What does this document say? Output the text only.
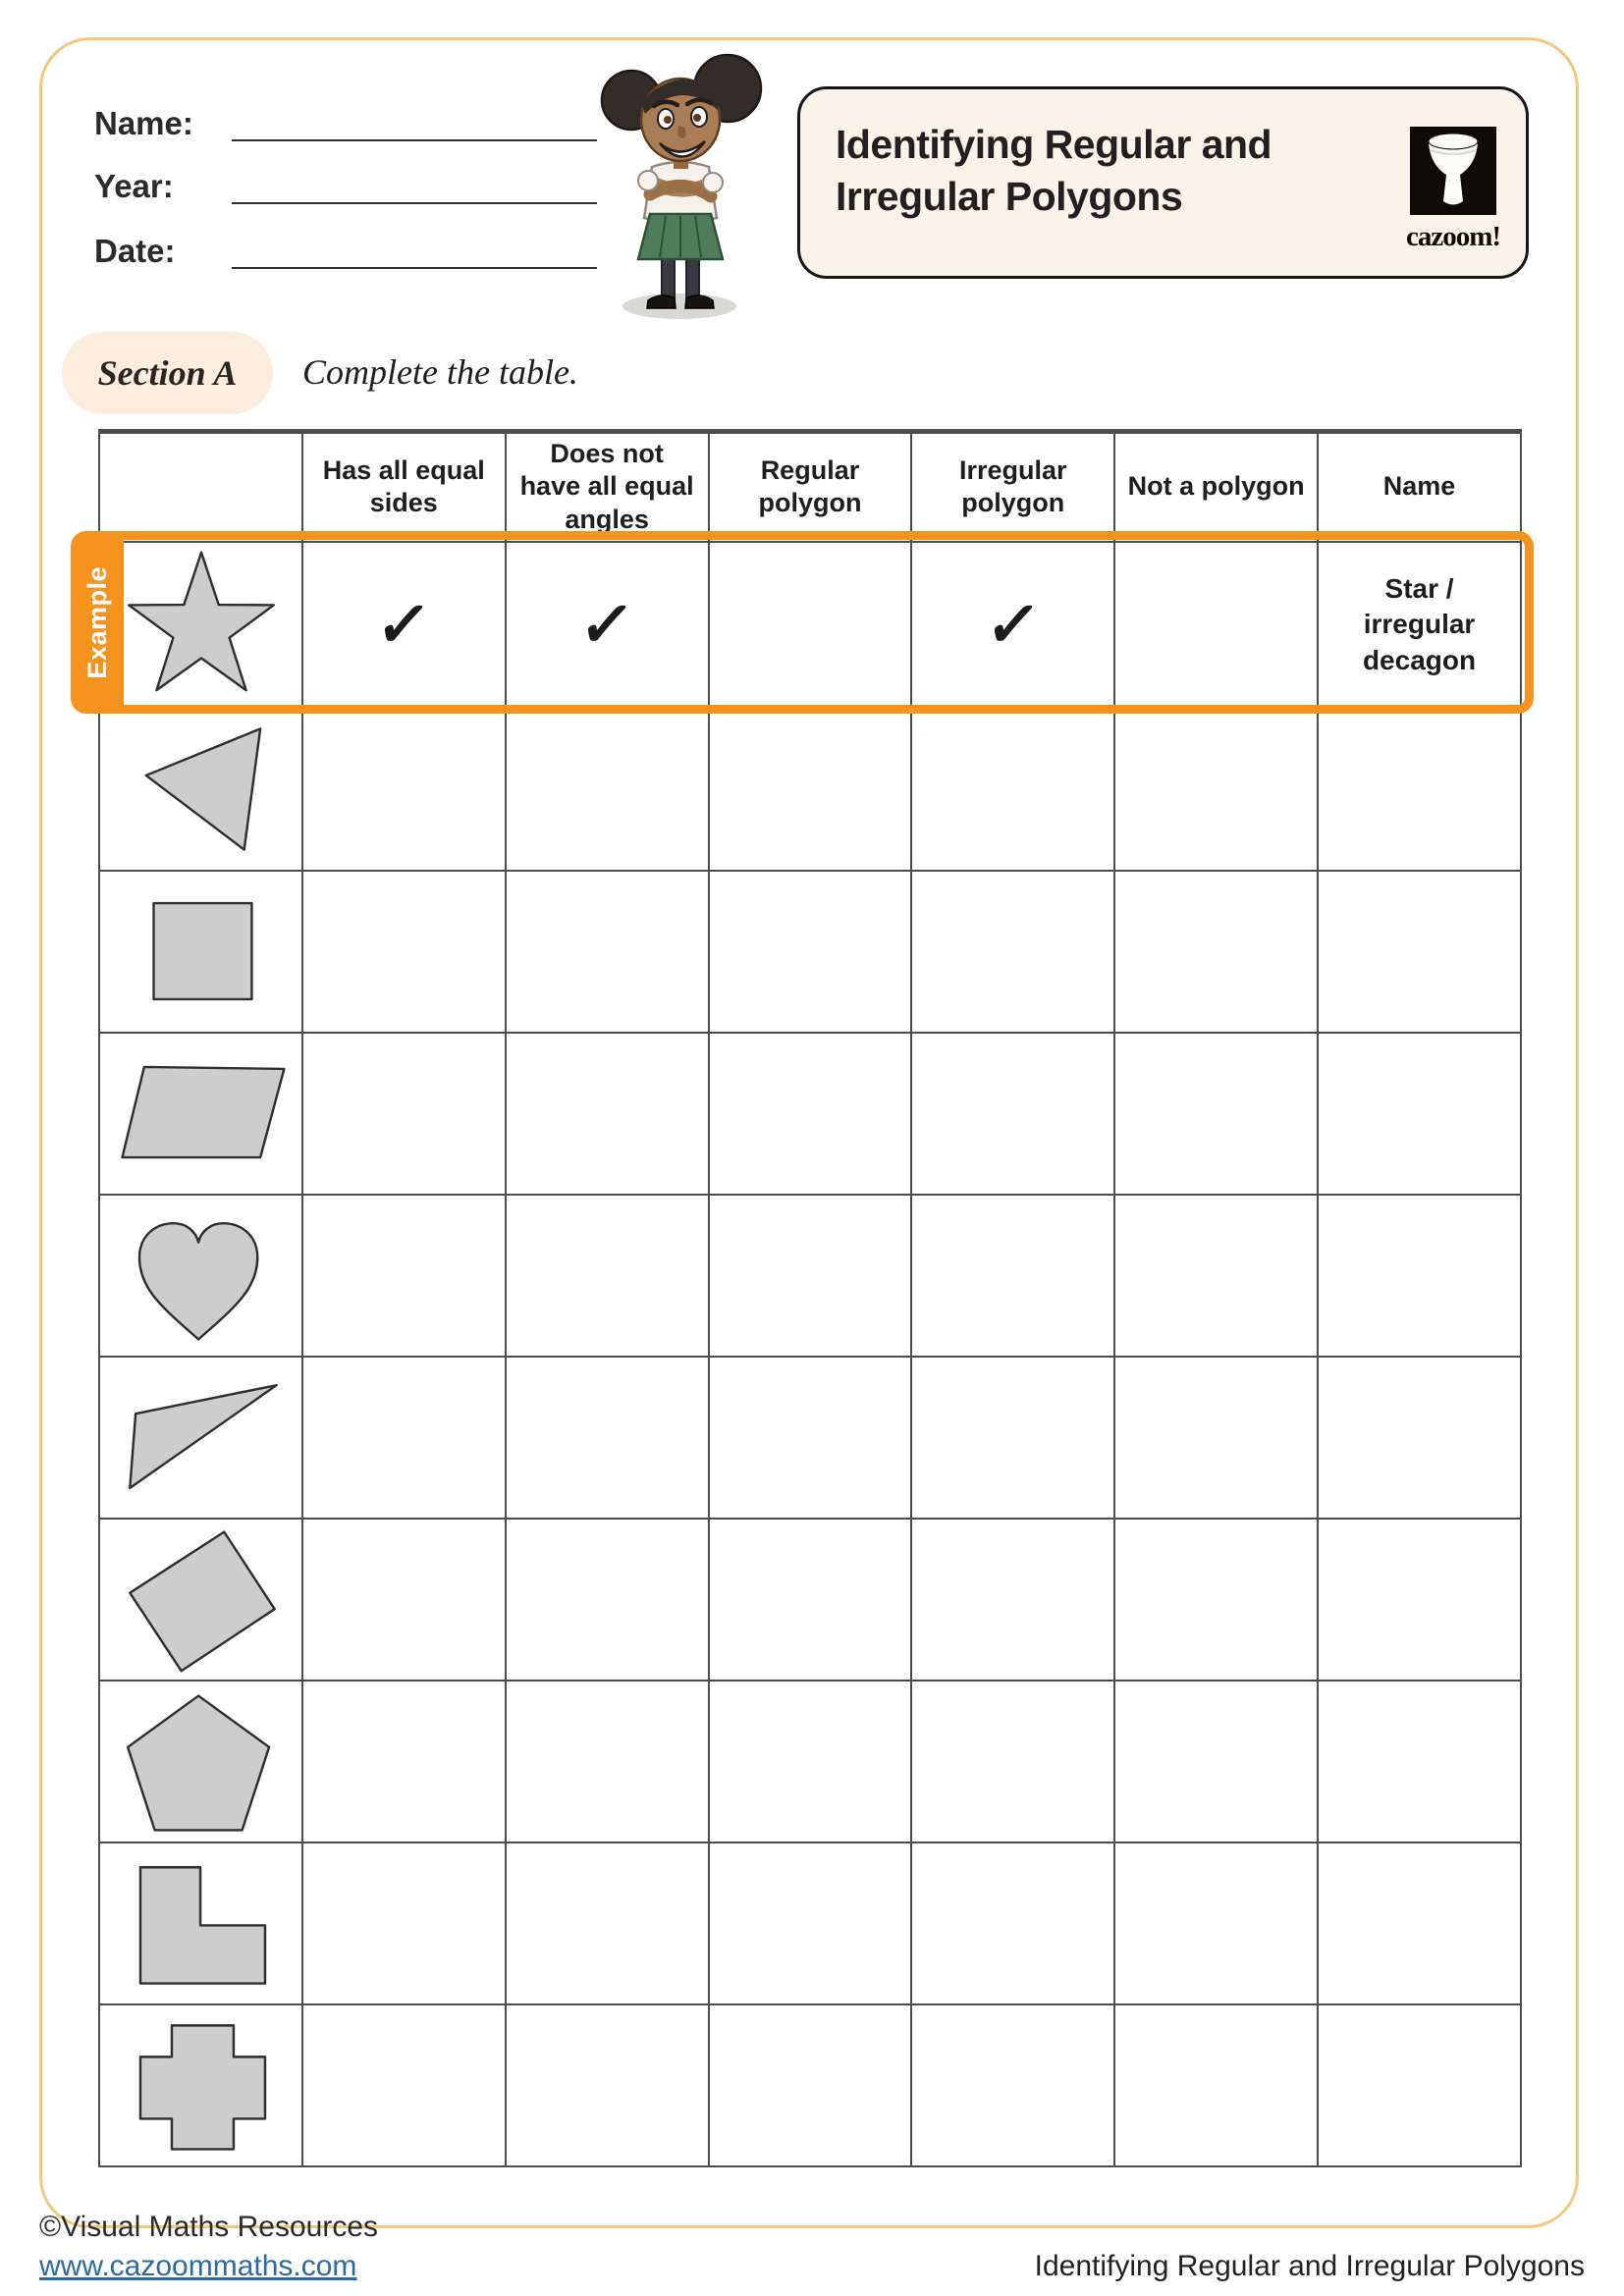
Name:
Year:
Date:
Identifying Regular and Irregular Polygons
cazoom!
Section A	Complete the table.
	Has all equal sides	Does not have all equal angles	Regular polygon	Irregular polygon	Not a polygon	Name

	✓	✓		✓		Star / irregular decagon

Example
©Visual Maths Resources
www.cazoommaths.com	Identifying Regular and Irregular Polygons
